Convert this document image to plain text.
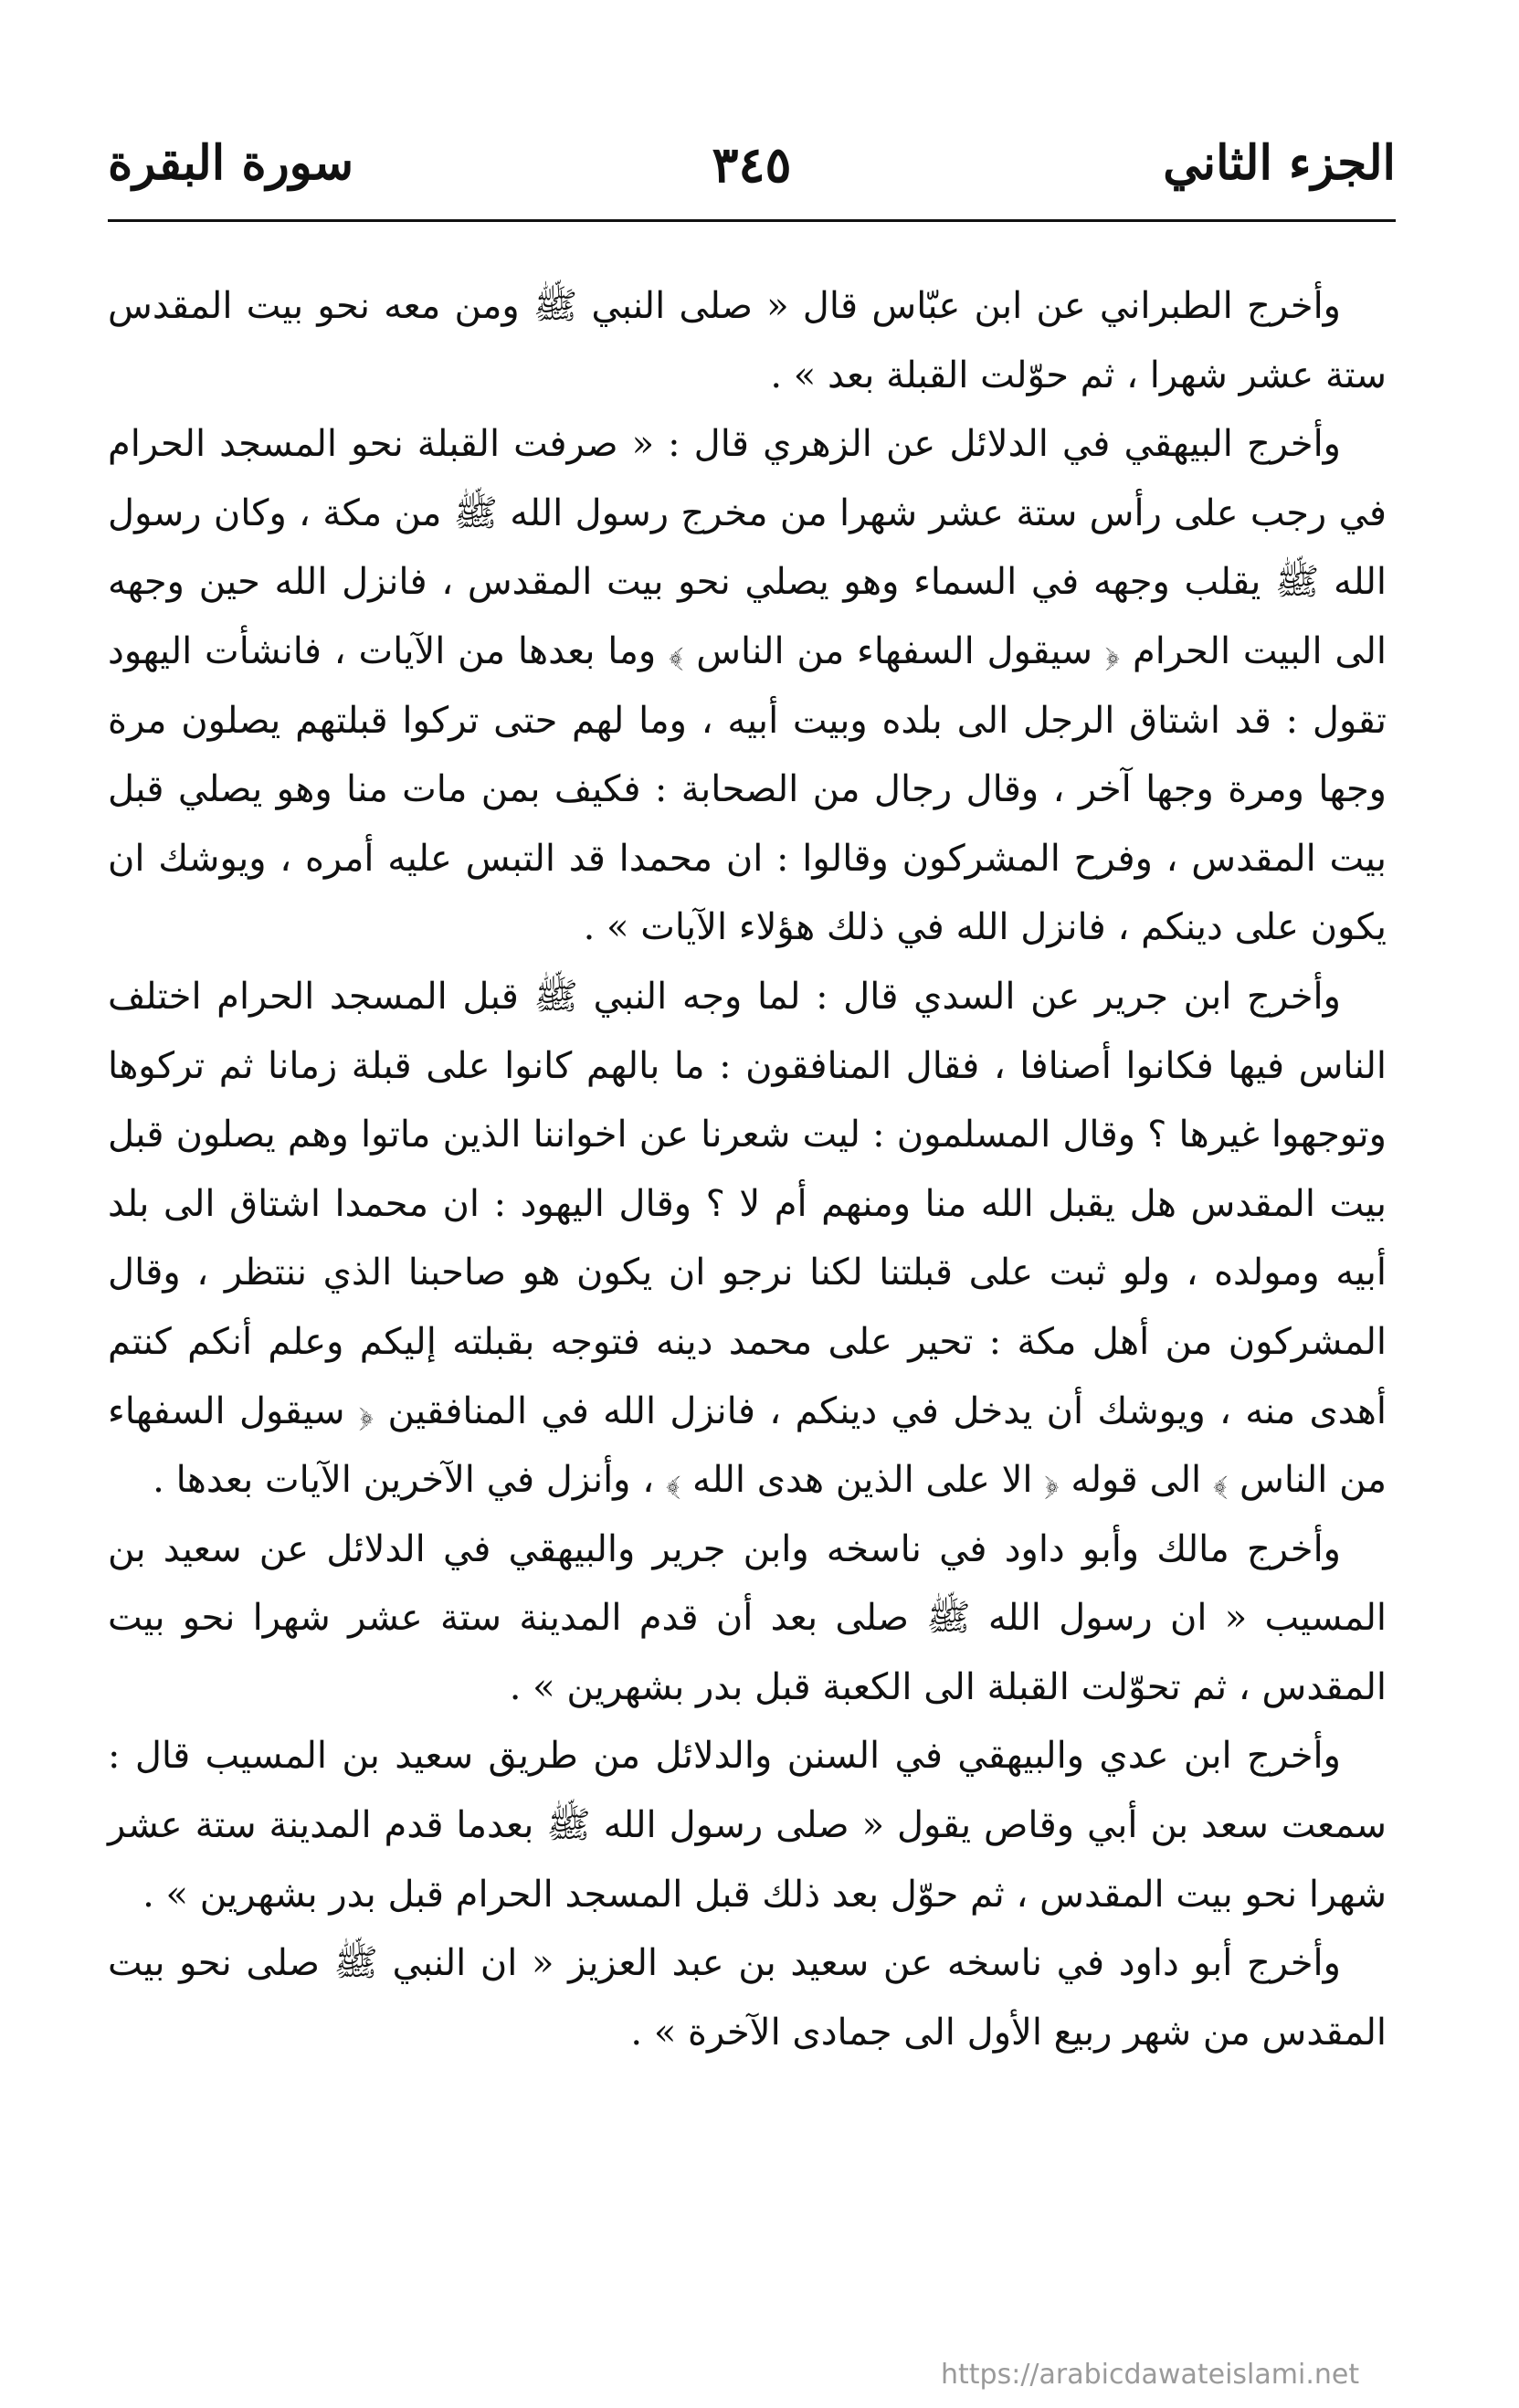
الجزء الثاني
٣٤٥
سورة البقرة

وأخرج الطبراني عن ابن عبّاس قال « صلى النبي ﷺ ومن معه نحو بيت المقدس ستة عشر شهرا ، ثم حوّلت القبلة بعد » .

وأخرج البيهقي في الدلائل عن الزهري قال : « صرفت القبلة نحو المسجد الحرام في رجب على رأس ستة عشر شهرا من مخرج رسول الله ﷺ من مكة ، وكان رسول الله ﷺ يقلب وجهه في السماء وهو يصلي نحو بيت المقدس ، فانزل الله حين وجهه الى البيت الحرام ﴿ سيقول السفهاء من الناس ﴾ وما بعدها من الآيات ، فانشأت اليهود تقول : قد اشتاق الرجل الى بلده وبيت أبيه ، وما لهم حتى تركوا قبلتهم يصلون مرة وجها ومرة وجها آخر ، وقال رجال من الصحابة : فكيف بمن مات منا وهو يصلي قبل بيت المقدس ، وفرح المشركون وقالوا : ان محمدا قد التبس عليه أمره ، ويوشك ان يكون على دينكم ، فانزل الله في ذلك هؤلاء الآيات » .

وأخرج ابن جرير عن السدي قال : لما وجه النبي ﷺ قبل المسجد الحرام اختلف الناس فيها فكانوا أصنافا ، فقال المنافقون : ما بالهم كانوا على قبلة زمانا ثم تركوها وتوجهوا غيرها ؟ وقال المسلمون : ليت شعرنا عن اخواننا الذين ماتوا وهم يصلون قبل بيت المقدس هل يقبل الله منا ومنهم أم لا ؟ وقال اليهود : ان محمدا اشتاق الى بلد أبيه ومولده ، ولو ثبت على قبلتنا لكنا نرجو ان يكون هو صاحبنا الذي ننتظر ، وقال المشركون من أهل مكة : تحير على محمد دينه فتوجه بقبلته إليكم وعلم أنكم كنتم أهدى منه ، ويوشك أن يدخل في دينكم ، فانزل الله في المنافقين ﴿ سيقول السفهاء من الناس ﴾ الى قوله ﴿ الا على الذين هدى الله ﴾ ، وأنزل في الآخرين الآيات بعدها .

وأخرج مالك وأبو داود في ناسخه وابن جرير والبيهقي في الدلائل عن سعيد بن المسيب « ان رسول الله ﷺ صلى بعد أن قدم المدينة ستة عشر شهرا نحو بيت المقدس ، ثم تحوّلت القبلة الى الكعبة قبل بدر بشهرين » .

وأخرج ابن عدي والبيهقي في السنن والدلائل من طريق سعيد بن المسيب قال : سمعت سعد بن أبي وقاص يقول « صلى رسول الله ﷺ بعدما قدم المدينة ستة عشر شهرا نحو بيت المقدس ، ثم حوّل بعد ذلك قبل المسجد الحرام قبل بدر بشهرين » .

وأخرج أبو داود في ناسخه عن سعيد بن عبد العزيز « ان النبي ﷺ صلى نحو بيت المقدس من شهر ربيع الأول الى جمادى الآخرة » .

https://arabicdawateislami.net
